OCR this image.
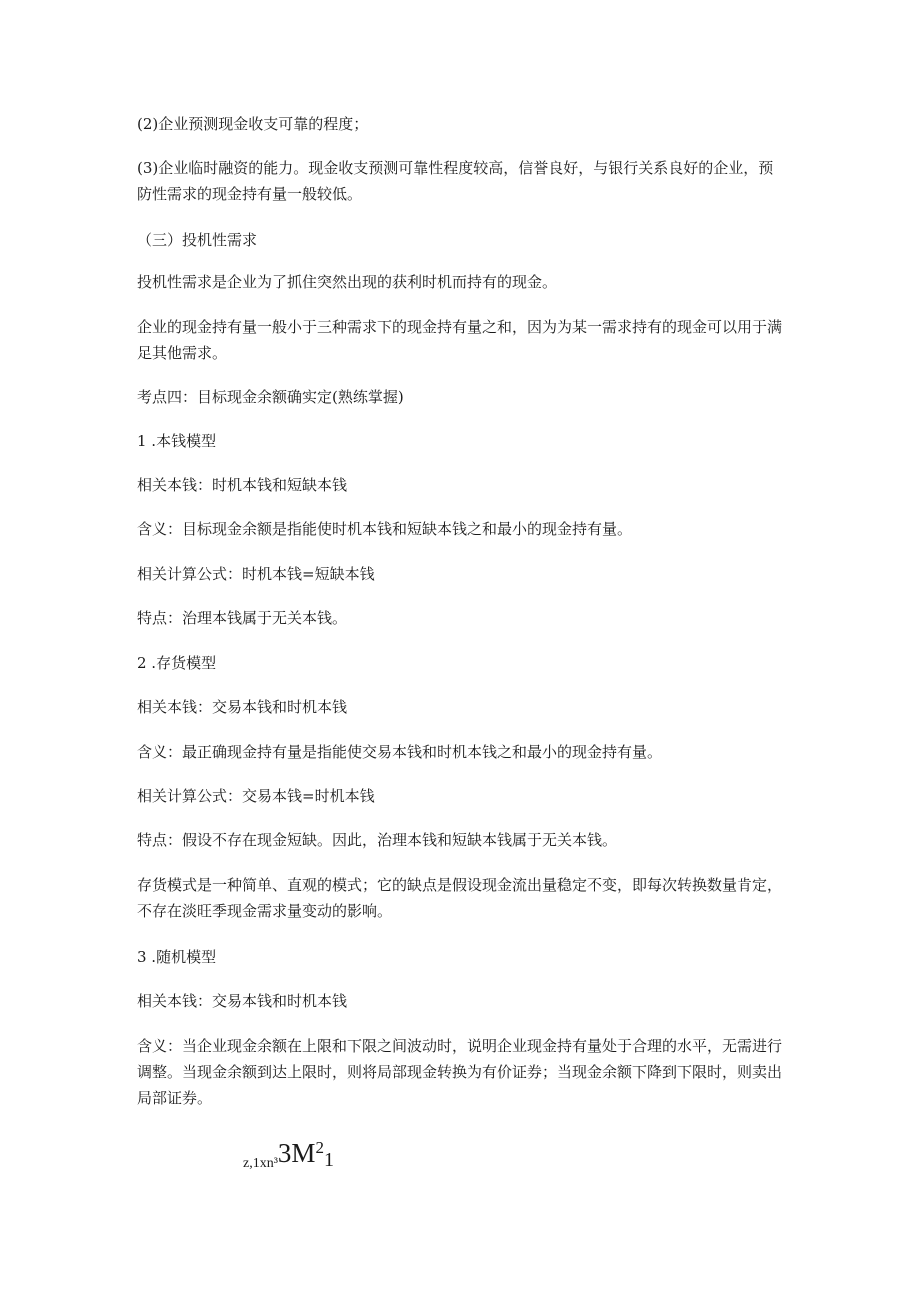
(2)企业预测现金收支可靠的程度；

(3)企业临时融资的能力。现金收支预测可靠性程度较高，信誉良好，与银行关系良好的企业，预防性需求的现金持有量一般较低。

（三）投机性需求

投机性需求是企业为了抓住突然出现的获利时机而持有的现金。

企业的现金持有量一般小于三种需求下的现金持有量之和，因为为某一需求持有的现金可以用于满足其他需求。

考点四：目标现金余额确实定(熟练掌握)

1 .本钱模型

相关本钱：时机本钱和短缺本钱

含义：目标现金余额是指能使时机本钱和短缺本钱之和最小的现金持有量。

相关计算公式：时机本钱=短缺本钱

特点：治理本钱属于无关本钱。

2 .存货模型

相关本钱：交易本钱和时机本钱

含义：最正确现金持有量是指能使交易本钱和时机本钱之和最小的现金持有量。

相关计算公式：交易本钱=时机本钱

特点：假设不存在现金短缺。因此，治理本钱和短缺本钱属于无关本钱。

存货模式是一种简单、直观的模式；它的缺点是假设现金流出量稳定不变，即每次转换数量肯定，不存在淡旺季现金需求量变动的影响。

3 .随机模型

相关本钱：交易本钱和时机本钱

含义：当企业现金余额在上限和下限之间波动时，说明企业现金持有量处于合理的水平，无需进行调整。当现金余额到达上限时，则将局部现金转换为有价证券；当现金余额下降到下限时，则卖出局部证券。

z,1xn³3M21
